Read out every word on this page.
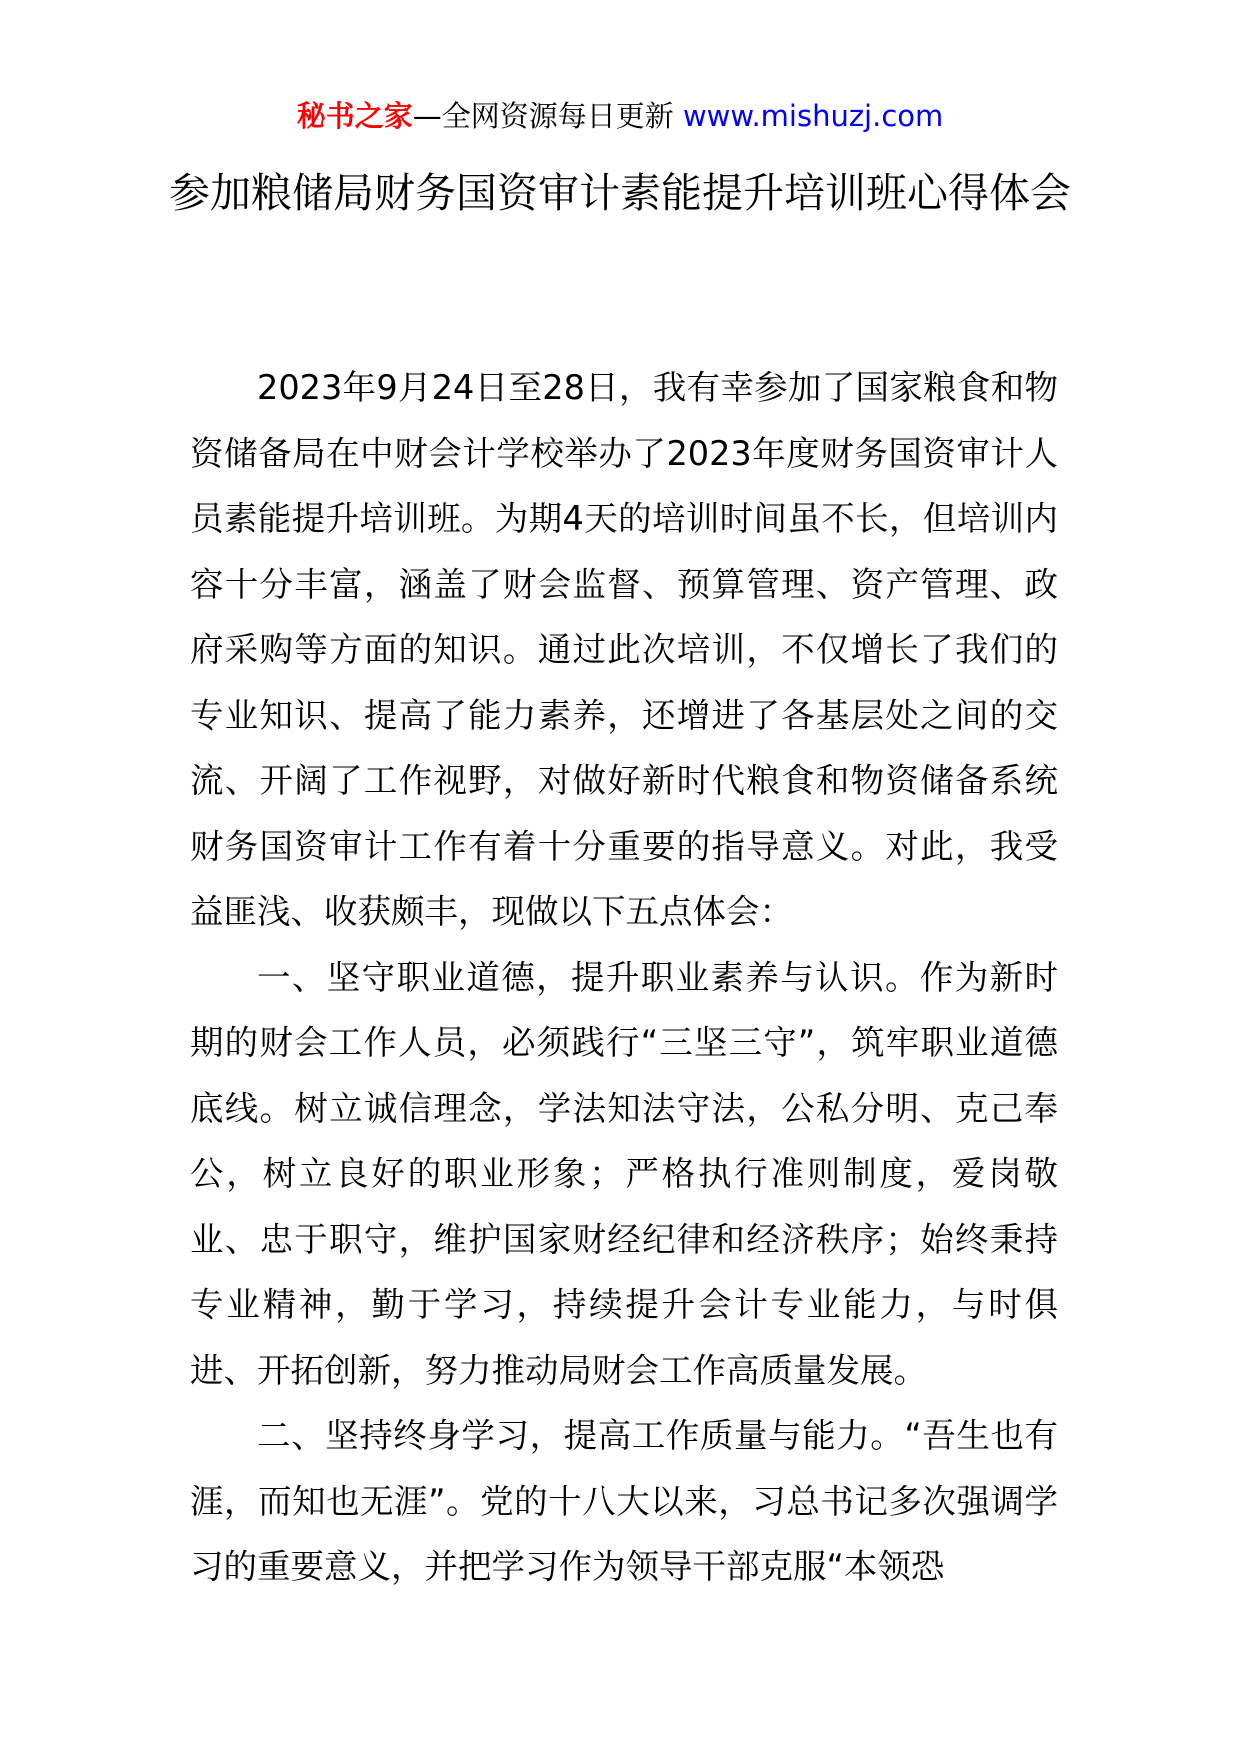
秘书之家—全网资源每日更新 www.mishuzj.com
参加粮储局财务国资审计素能提升培训班心得体会

2023年9月24日至28日，我有幸参加了国家粮食和物资储备局在中财会计学校举办了2023年度财务国资审计人员素能提升培训班。为期4天的培训时间虽不长，但培训内容十分丰富，涵盖了财会监督、预算管理、资产管理、政府采购等方面的知识。通过此次培训，不仅增长了我们的专业知识、提高了能力素养，还增进了各基层处之间的交流、开阔了工作视野，对做好新时代粮食和物资储备系统财务国资审计工作有着十分重要的指导意义。对此，我受益匪浅、收获颇丰，现做以下五点体会：

一、坚守职业道德，提升职业素养与认识。作为新时期的财会工作人员，必须践行“三坚三守”，筑牢职业道德底线。树立诚信理念，学法知法守法，公私分明、克己奉公，树立良好的职业形象；严格执行准则制度，爱岗敬业、忠于职守，维护国家财经纪律和经济秩序；始终秉持专业精神，勤于学习，持续提升会计专业能力，与时俱进、开拓创新，努力推动局财会工作高质量发展。

二、坚持终身学习，提高工作质量与能力。“吾生也有涯，而知也无涯”。党的十八大以来，习总书记多次强调学习的重要意义，并把学习作为领导干部克服“本领恐
